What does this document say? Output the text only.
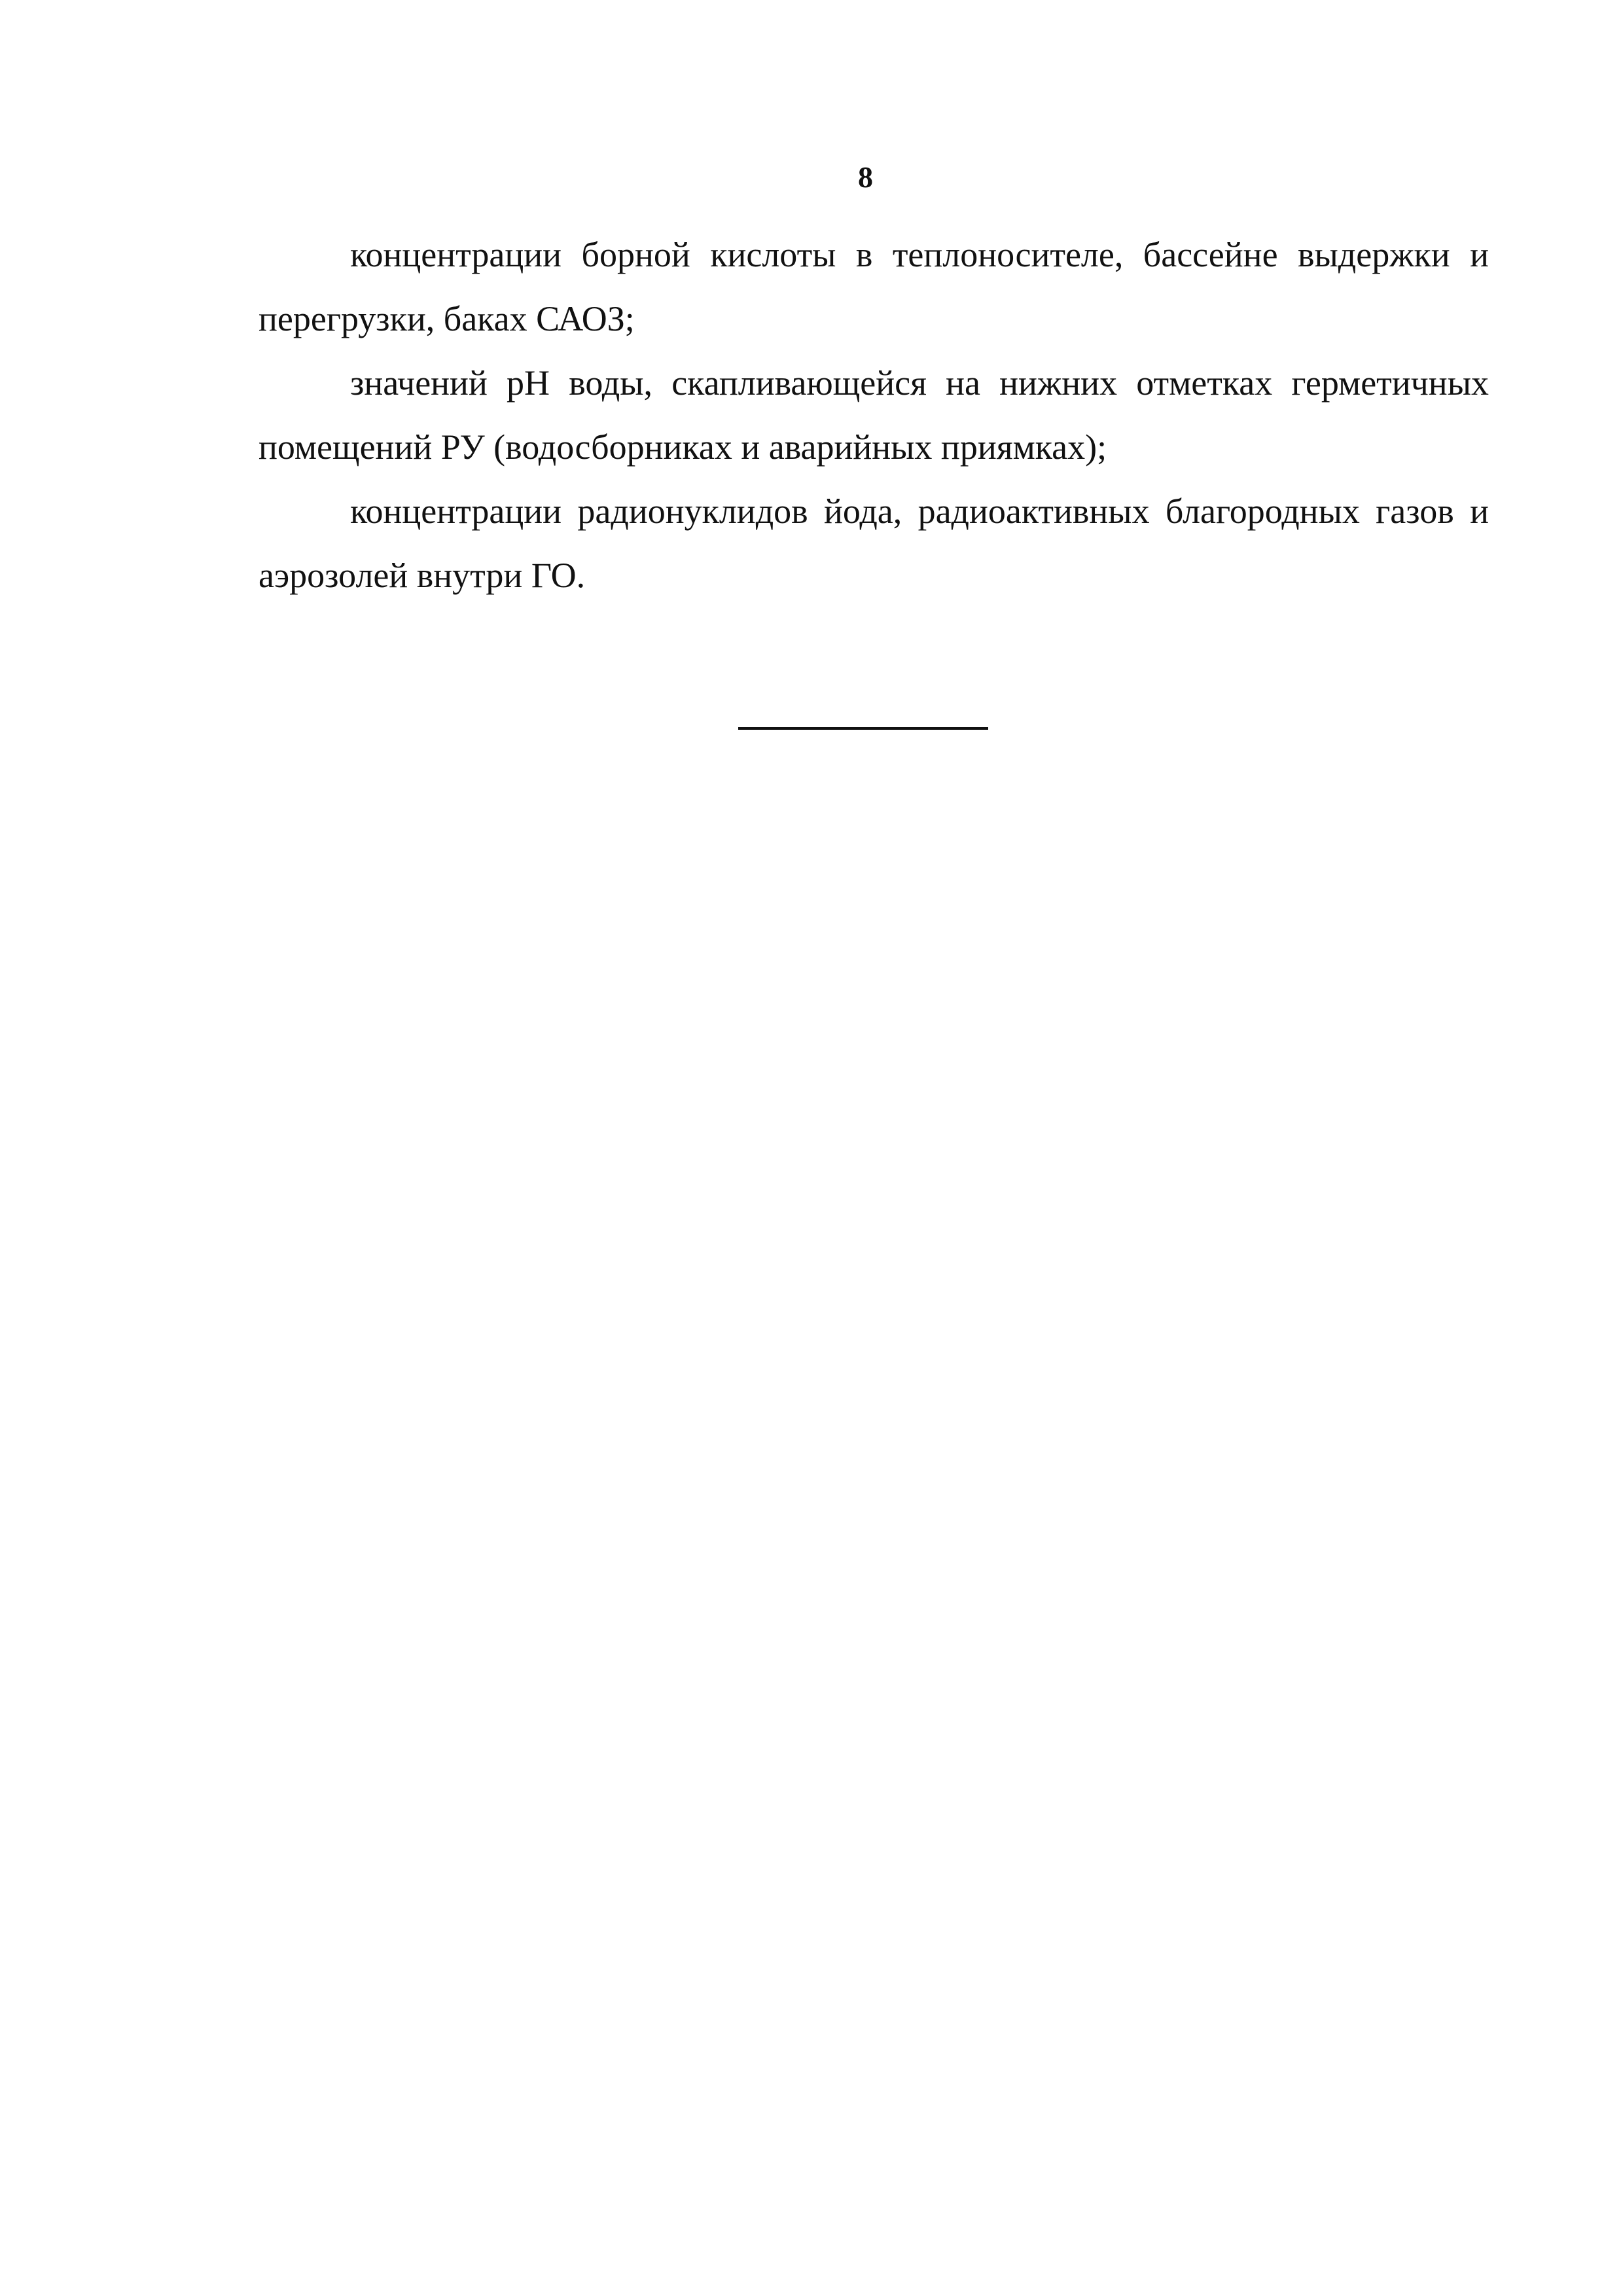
8

концентрации борной кислоты в теплоносителе, бассейне выдержки и перегрузки, баках САОЗ;

значений pH воды, скапливающейся на нижних отметках герметичных помещений РУ (водосборниках и аварийных приямках);

концентрации радионуклидов йода, радиоактивных благородных газов и аэрозолей внутри ГО.
